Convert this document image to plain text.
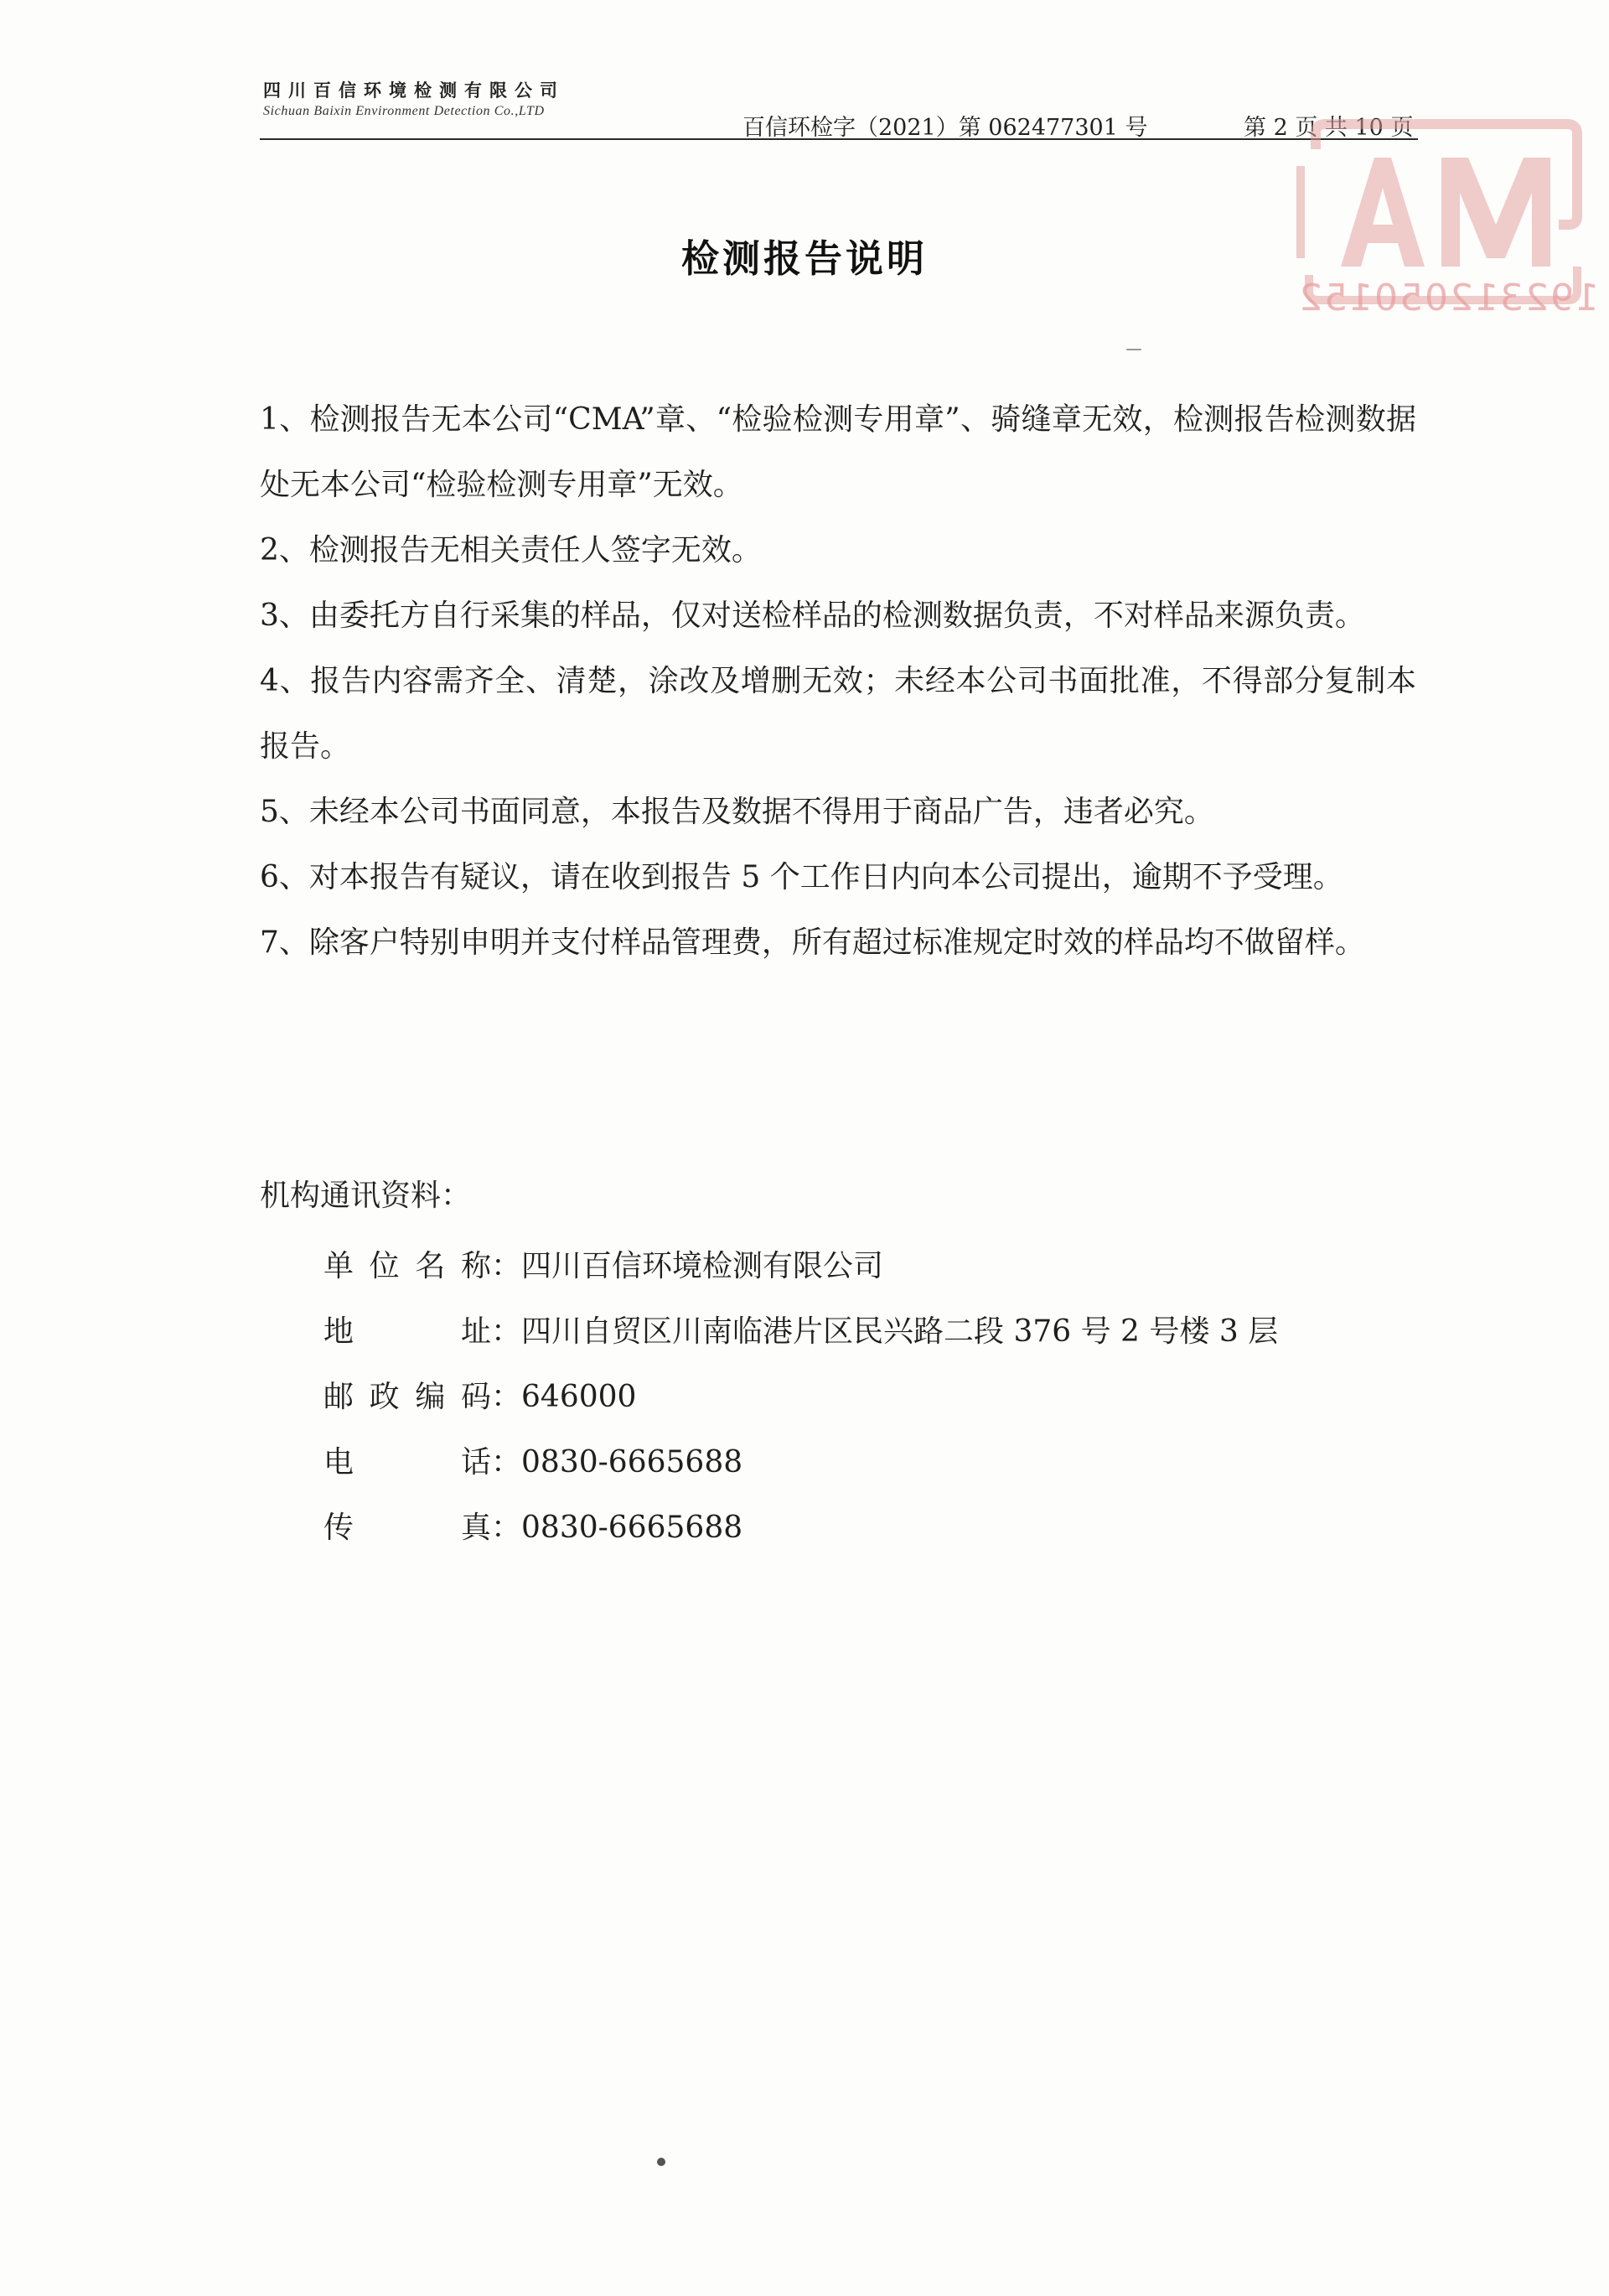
四川百信环境检测有限公司
Sichuan Baixin Environment Detection Co.,LTD
百信环检字（2021）第 062477301 号	第 2 页 共 10 页
192312050152
检测报告说明

1、检测报告无本公司“CMA”章、“检验检测专用章”、骑缝章无效，检测报告检测数据处无本公司“检验检测专用章”无效。

2、检测报告无相关责任人签字无效。

3、由委托方自行采集的样品，仅对送检样品的检测数据负责，不对样品来源负责。

4、报告内容需齐全、清楚，涂改及增删无效；未经本公司书面批准，不得部分复制本报告。

5、未经本公司书面同意，本报告及数据不得用于商品广告，违者必究。

6、对本报告有疑议，请在收到报告 5 个工作日内向本公司提出，逾期不予受理。

7、除客户特别申明并支付样品管理费，所有超过标准规定时效的样品均不做留样。

机构通讯资料：
单位名称：四川百信环境检测有限公司
地址：四川自贸区川南临港片区民兴路二段 376 号 2 号楼 3 层
邮政编码：646000
电话：0830-6665688
传真：0830-6665688
